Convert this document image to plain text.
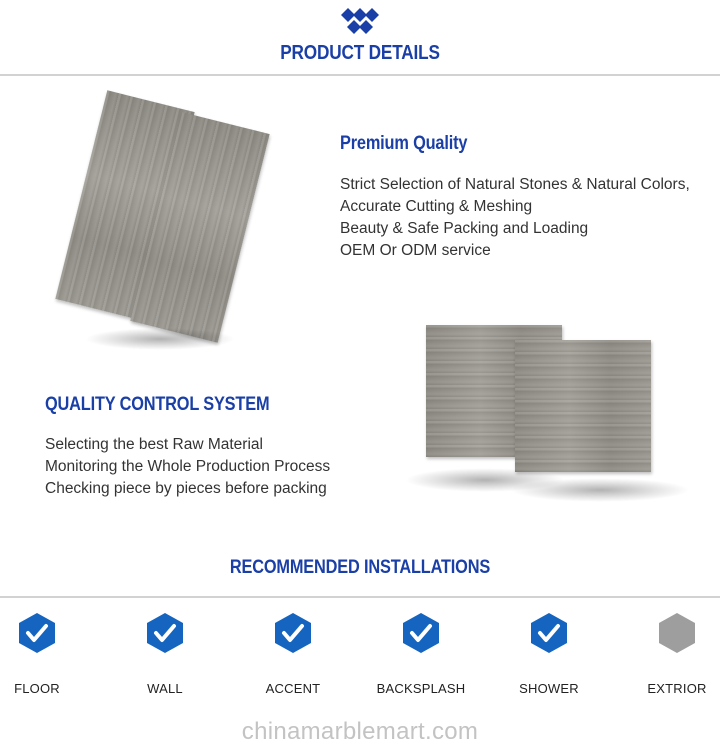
PRODUCT DETAILS
Premium Quality
Strict Selection of Natural Stones & Natural Colors,
Accurate Cutting & Meshing
Beauty & Safe Packing and Loading
OEM Or ODM service
QUALITY CONTROL SYSTEM
Selecting the best Raw Material
Monitoring the Whole Production Process
Checking piece by pieces before packing
RECOMMENDED INSTALLATIONS
FLOOR	WALL	ACCENT	BACKSPLASH	SHOWER	EXTRIOR
chinamarblemart.com
